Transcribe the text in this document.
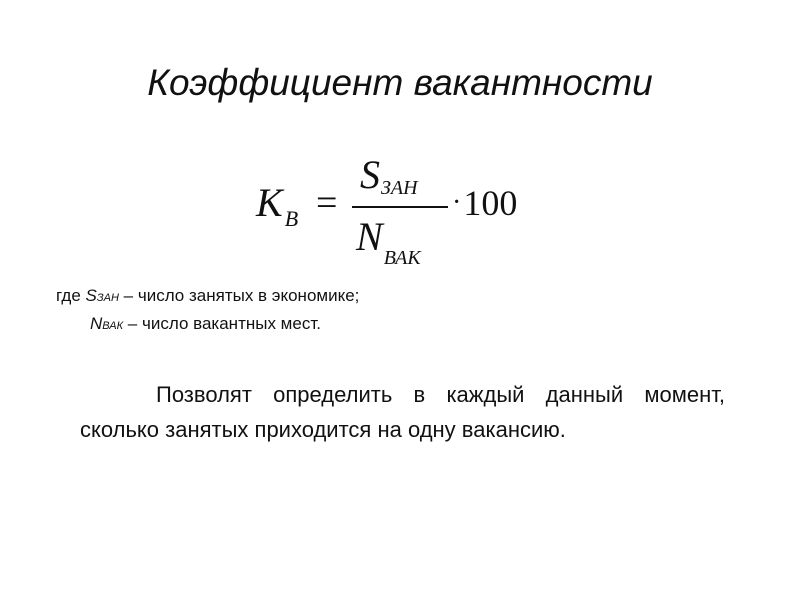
Коэффициент вакантности
$K_B$ =
SЗАН
$N_{ВАК}$
·100
где SЗАН – число занятых в экономике;
NВАК – число вакантных мест.
Позволят определить в каждый данный момент, сколько занятых приходится на одну вакансию.
